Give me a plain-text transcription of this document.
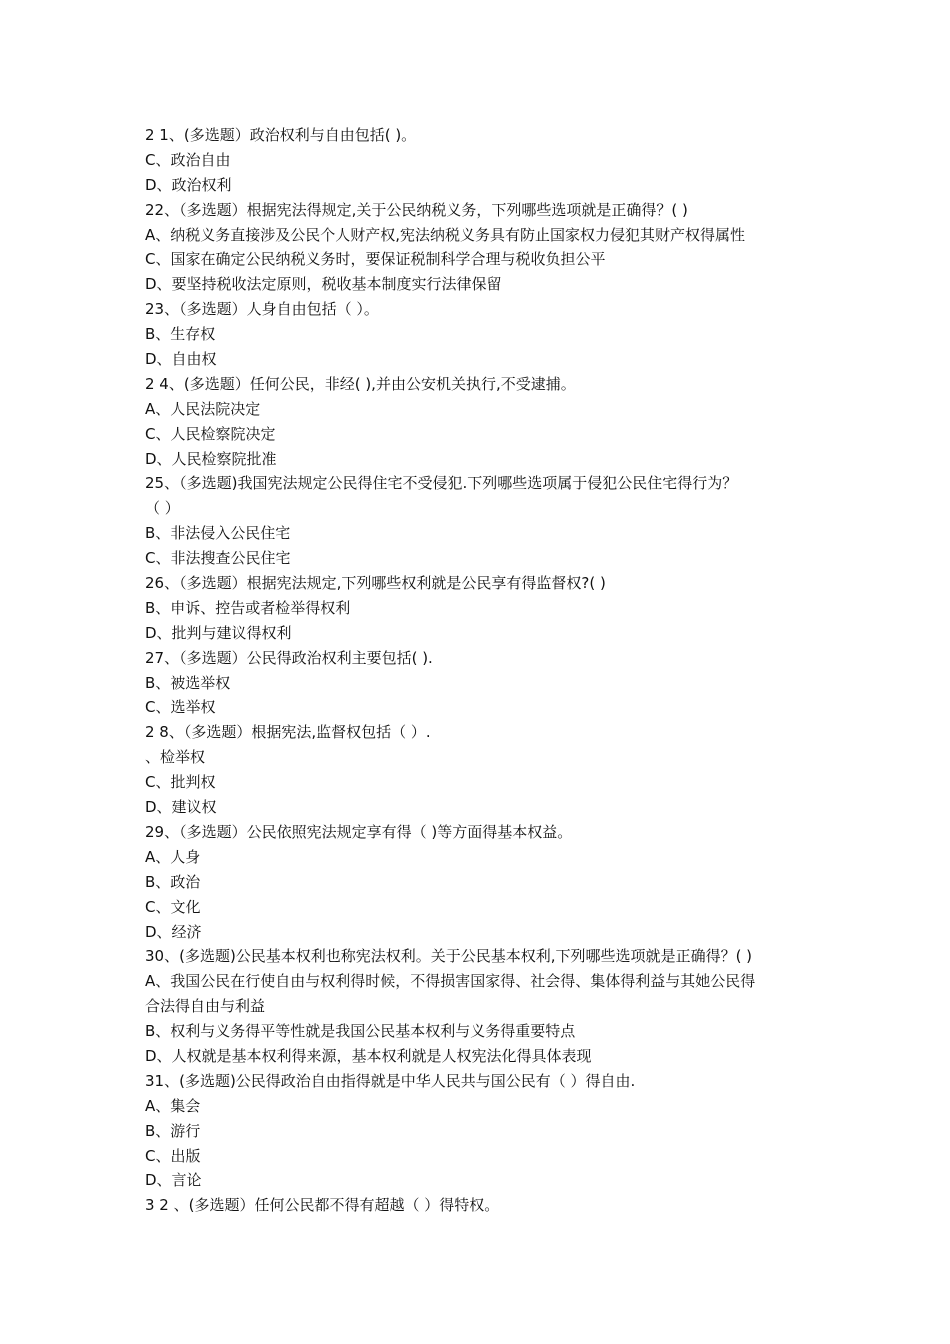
2 1、(多选题）政治权利与自由包括( )。
C、政治自由
D、政治权利
22、（多选题）根据宪法得规定,关于公民纳税义务，下列哪些选项就是正确得？( )
A、纳税义务直接涉及公民个人财产权,宪法纳税义务具有防止国家权力侵犯其财产权得属性
C、国家在确定公民纳税义务时，要保证税制科学合理与税收负担公平
D、要坚持税收法定原则，税收基本制度实行法律保留
23、（多选题）人身自由包括（ ）。
B、生存权
D、自由权
2 4、(多选题）任何公民，非经( ),并由公安机关执行,不受逮捕。
A、人民法院决定
C、人民检察院决定
D、人民检察院批准
25、（多选题)我国宪法规定公民得住宅不受侵犯.下列哪些选项属于侵犯公民住宅得行为？
（ ）
B、非法侵入公民住宅
C、非法搜查公民住宅
26、（多选题）根据宪法规定,下列哪些权利就是公民享有得监督权?( )
B、申诉、控告或者检举得权利
D、批判与建议得权利
27、（多选题）公民得政治权利主要包括( ).
B、被选举权
C、选举权
2 8、（多选题）根据宪法,监督权包括（ ）.
、检举权
C、批判权
D、建议权
29、（多选题）公民依照宪法规定享有得（ )等方面得基本权益。
A、人身
B、政治
C、文化
D、经济
30、(多选题)公民基本权利也称宪法权利。关于公民基本权利,下列哪些选项就是正确得？( )
A、我国公民在行使自由与权利得时候，不得损害国家得、社会得、集体得利益与其她公民得
合法得自由与利益
B、权利与义务得平等性就是我国公民基本权利与义务得重要特点
D、人权就是基本权利得来源，基本权利就是人权宪法化得具体表现
31、(多选题)公民得政治自由指得就是中华人民共与国公民有（ ）得自由.
A、集会
B、游行
C、出版
D、言论
3 2 、(多选题）任何公民都不得有超越（ ）得特权。
